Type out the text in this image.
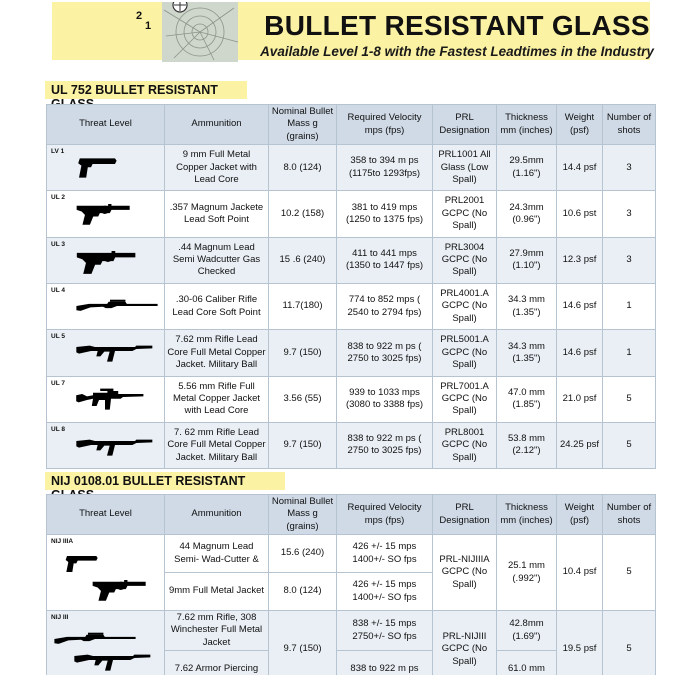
2
1	BULLET RESISTANT GLASS
Available Level 1-8 with the Fastest Leadtimes in the Industry
UL 752 BULLET RESISTANT
Threat Level	Ammunition	Nominal Bullet Mass g (grains)	Required Velocity mps (fps)	PRL Designation	Thickness mm (inches)	Weight (psf)	Number of shots

LV 1	9 mm Full Metal Copper Jacket with Lead Core	8.0 (124)	358 to 394 m ps (1175to 1293fps)	PRL1001 All Glass (Low Spall)	29.5mm (1.16")	14.4 psf	3

UL 2	.357 Magnum Jackete Lead Soft Point	10.2 (158)	381 to 419 mps (1250 to 1375 fps)	PRL2001 GCPC (No Spall)	24.3mm (0.96")	10.6 pst	3

UL 3	.44 Magnum Lead Semi Wadcutter Gas Checked	15 .6 (240)	411 to 441 mps (1350 to 1447 fps)	PRL3004 GCPC (No Spall)	27.9mm (1.10")	12.3 psf	3

UL 4	.30-06 Caliber Rifle Lead Core Soft Point	11.7(180)	774 to 852 mps ( 2540 to 2794 fps)	PRL4001.A GCPC (No Spall)	34.3 mm (1.35")	14.6 psf	1

UL 5	7.62 mm Rifle Lead Core Full Metal Copper Jacket. Military Ball	9.7 (150)	838 to 922 m ps ( 2750 to 3025 fps)	PRL5001.A GCPC (No Spall)	34.3 mm (1.35")	14.6 psf	1

UL 7	5.56 mm Rifle Full Metal Copper Jacket with Lead Core	3.56 (55)	939 to 1033 mps (3080 to 3388 fps)	PRL7001.A GCPC (No Spall)	47.0 mm (1.85")	21.0 psf	5

UL 8	7. 62 mm Rifle Lead Core Full Metal Copper Jacket. Military Ball	9.7 (150)	838 to 922 m ps ( 2750 to 3025 fps)	PRL8001 GCPC (No Spall)	53.8 mm (2.12")	24.25 psf	5
NIJ 0108.01 BULLET RESISTANT
Threat Level	Ammunition	Nominal Bullet Mass g (grains)	Required Velocity mps (fps)	PRL Designation	Thickness mm (inches)	Weight (psf)	Number of shots

NIJ IIIA	44 Magnum Lead Semi- Wad-Cutter &	15.6 (240)	426 +/- 15 mps 1400+/- SO fps	PRL-NIJIIIA GCPC (No Spall)	25.1 mm (.992")	10.4 psf	5
	9mm Full Metal Jacket	8.0 (124)	426 +/- 15 mps 1400+/- SO fps				

NIJ III	7.62 mm Rifle, 308 Winchester Full Metal Jacket	9.7 (150)	838 +/- 15 mps 2750+/- SO fps	PRL-NIJIII GCPC (No Spall)	42.8mm (1.69")	19.5 psf	5
	7.62 Armor Piercing		838 to 922 m ps		61.0 mm		
